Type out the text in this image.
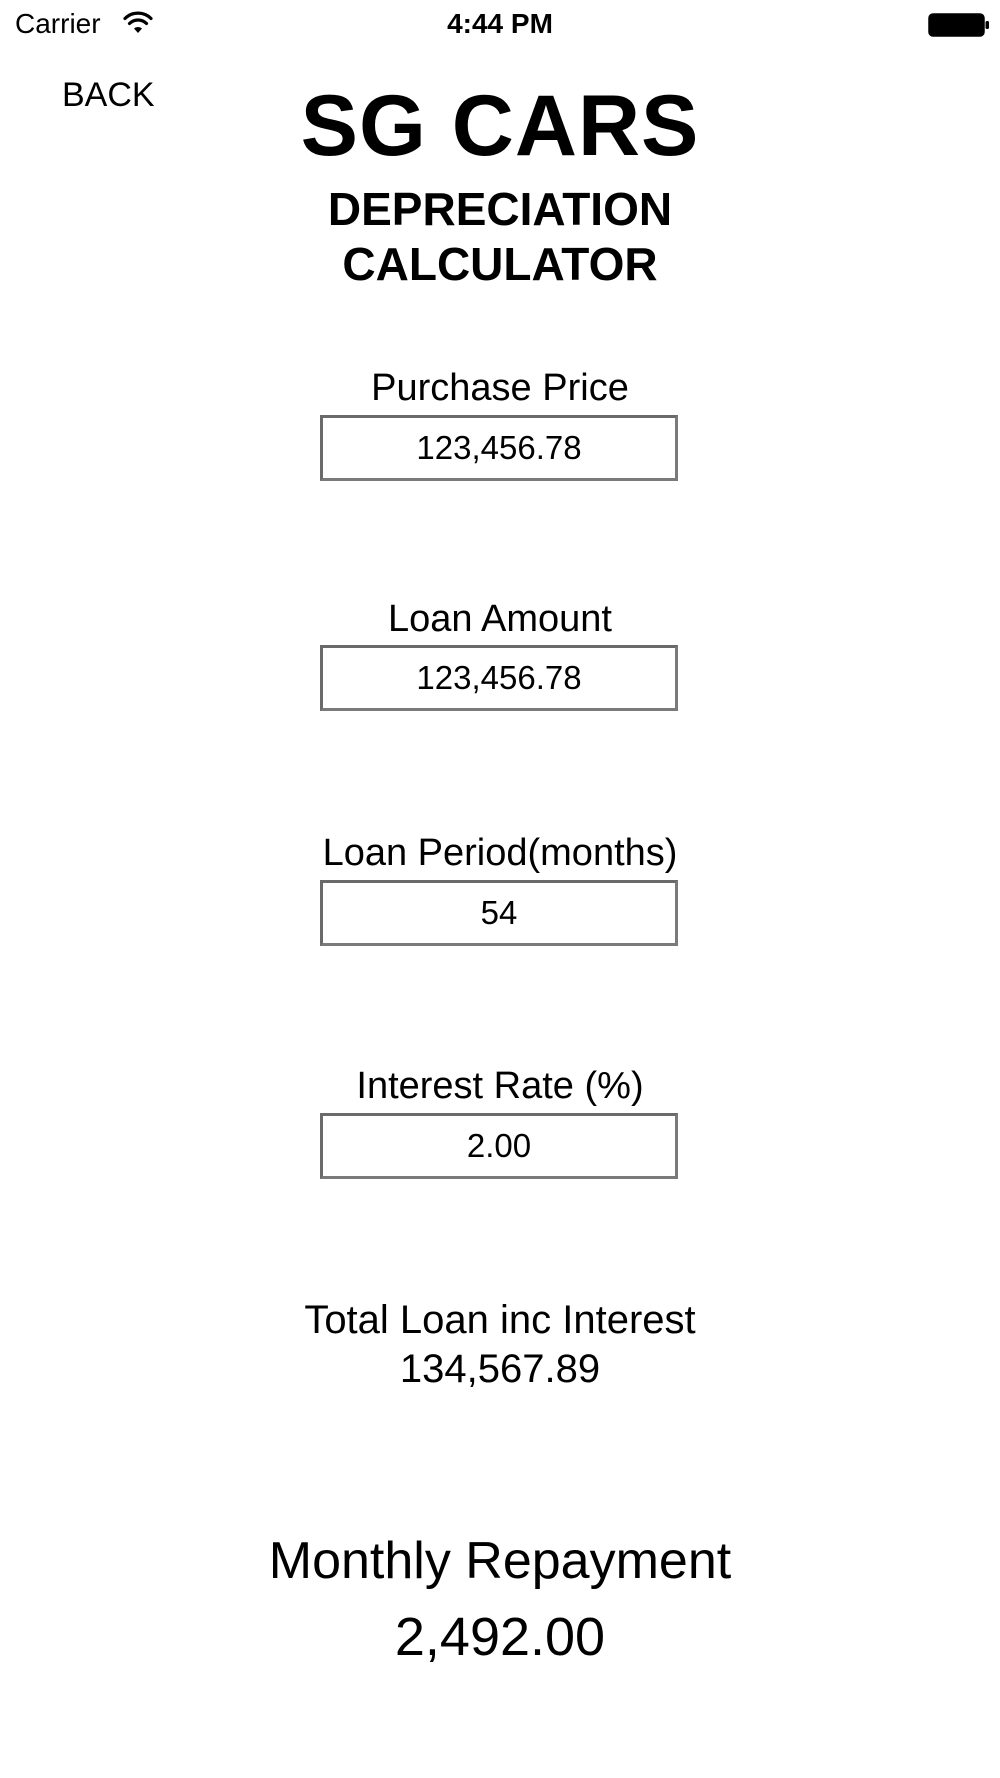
Carrier	4:44 PM
BACK	SG CARS
DEPRECIATION
CALCULATOR
Purchase Price
123,456.78
Loan Amount
123,456.78
Loan Period(months)
54
Interest Rate (%)
2.00
Total Loan inc Interest
134,567.89
Monthly Repayment
2,492.00
